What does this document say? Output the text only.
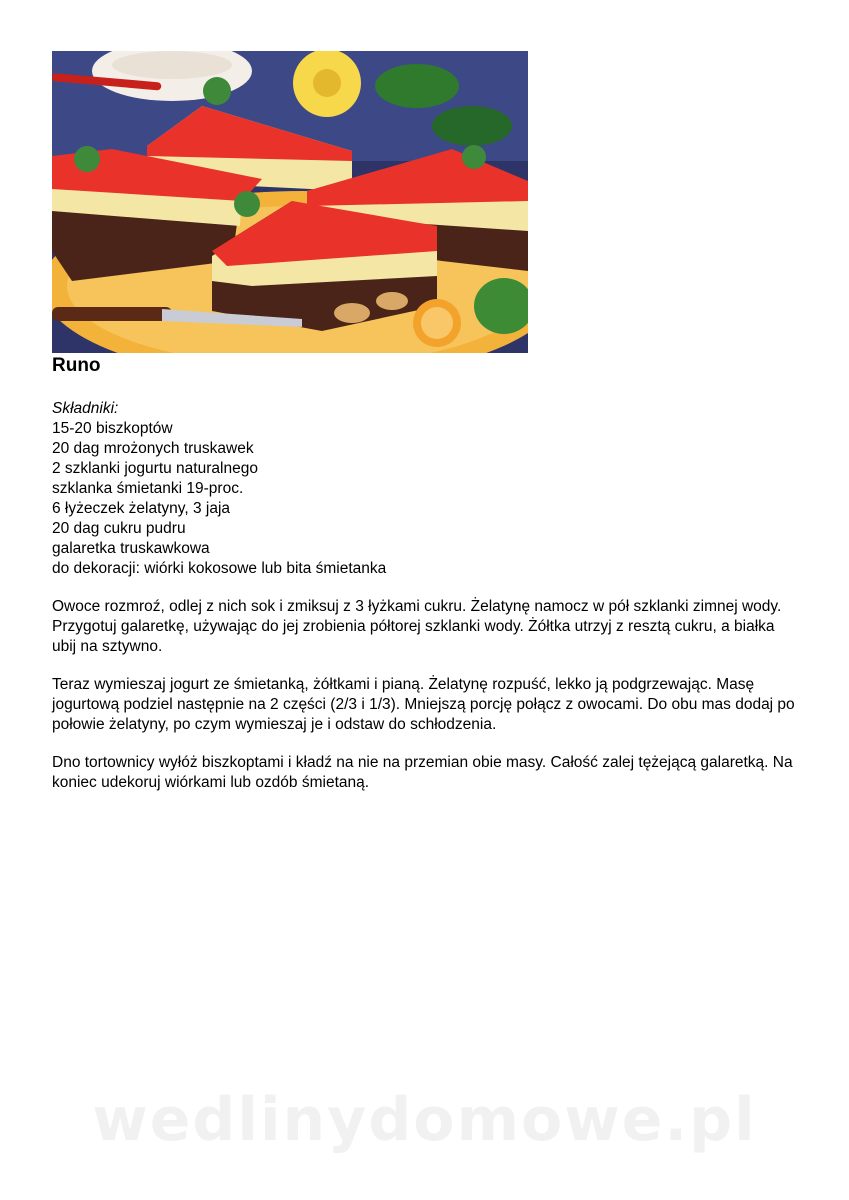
Runo
Składniki:
15-20 biszkoptów
20 dag mrożonych truskawek
2 szklanki jogurtu naturalnego
szklanka śmietanki 19-proc.
6 łyżeczek żelatyny, 3 jaja
20 dag cukru pudru
galaretka truskawkowa
do dekoracji: wiórki kokosowe lub bita śmietanka

Owoce rozmroź, odlej z nich sok i zmiksuj z 3 łyżkami cukru. Żelatynę namocz w pół szklanki zimnej wody. Przygotuj galaretkę, używając do jej zrobienia półtorej szklanki wody. Żółtka utrzyj z resztą cukru, a białka ubij na sztywno.

Teraz wymieszaj jogurt ze śmietanką, żółtkami i pianą. Żelatynę rozpuść, lekko ją podgrzewając. Masę jogurtową podziel następnie na 2 części (2/3 i 1/3). Mniejszą porcję połącz z owocami. Do obu mas dodaj po połowie żelatyny, po czym wymieszaj je i odstaw do schłodzenia.

Dno tortownicy wyłóż biszkoptami i kładź na nie na przemian obie masy. Całość zalej tężejącą galaretką. Na koniec udekoruj wiórkami lub ozdób śmietaną.

wedlinydomowe.pl
